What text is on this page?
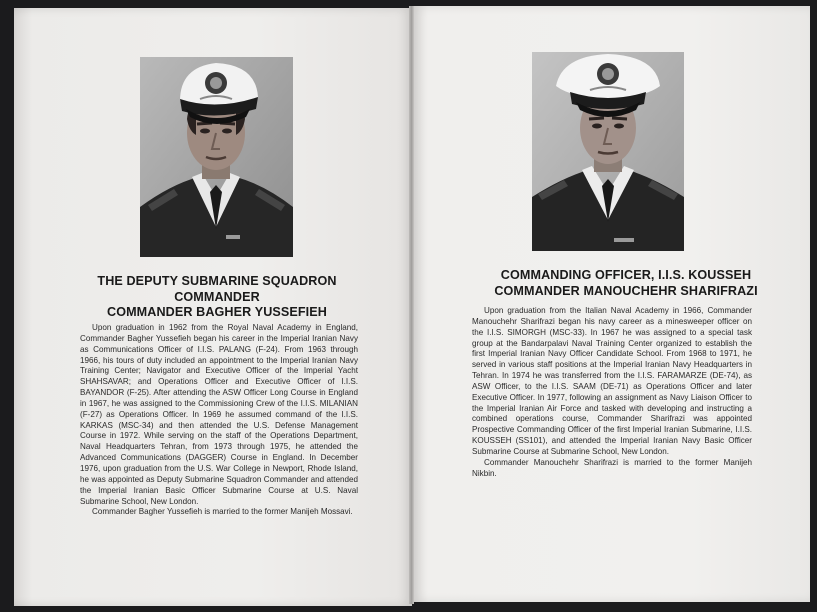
THE DEPUTY SUBMARINE SQUADRON
COMMANDER
COMMANDER BAGHER YUSSEFIEH

Upon graduation in 1962 from the Royal Naval Academy in England, Commander Bagher Yussefieh began his career in the Imperial Iranian Navy as Communications Officer of I.I.S. PALANG (F-24). From 1963 through 1966, his tours of duty included an appointment to the Imperial Iranian Navy Training Center; Navigator and Executive Officer of the Imperial Yacht SHAHSAVAR; and Operations Officer and Executive Officer of I.I.S. BAYANDOR (F-25). After attending the ASW Officer Long Course in England in 1967, he was assigned to the Commissioning Crew of the I.I.S. MILANIAN (F-27) as Operations Officer. In 1969 he assumed command of the I.I.S. KARKAS (MSC-34) and then attended the U.S. Defense Management Course in 1972. While serving on the staff of the Operations Department, Naval Headquarters Tehran, from 1973 through 1975, he attended the Advanced Communications (DAGGER) Course in England. In December 1976, upon graduation from the U.S. War College in Newport, Rhode Island, he was appointed as Deputy Submarine Squadron Commander and attended the Imperial Iranian Basic Officer Submarine Course at U.S. Naval Submarine School, New London.

Commander Bagher Yussefieh is married to the former Manijeh Mossavi.

COMMANDING OFFICER, I.I.S. KOUSSEH
COMMANDER MANOUCHEHR SHARIFRAZI

Upon graduation from the Italian Naval Academy in 1966, Commander Manouchehr Sharifrazi began his navy career as a minesweeper officer on the I.I.S. SIMORGH (MSC-33). In 1967 he was assigned to a special task group at the Bandarpalavi Naval Training Center organized to establish the first Imperial Iranian Navy Officer Candidate School. From 1968 to 1971, he served in various staff positions at the Imperial Iranian Navy Headquarters in Tehran. In 1974 he was transferred from the I.I.S. FARAMARZE (DE-74), as ASW Officer, to the I.I.S. SAAM (DE-71) as Operations Officer and later Executive Officer. In 1977, following an assignment as Navy Liaison Officer to the Imperial Iranian Air Force and tasked with developing and instructing a combined operations course, Commander Sharifrazi was appointed Prospective Commanding Officer of the first Imperial Iranian Submarine, I.I.S. KOUSSEH (SS101), and attended the Imperial Iranian Navy Basic Officer Submarine Course at Submarine School, New London.

Commander Manouchehr Sharifrazi is married to the former Manijeh Nikbin.
